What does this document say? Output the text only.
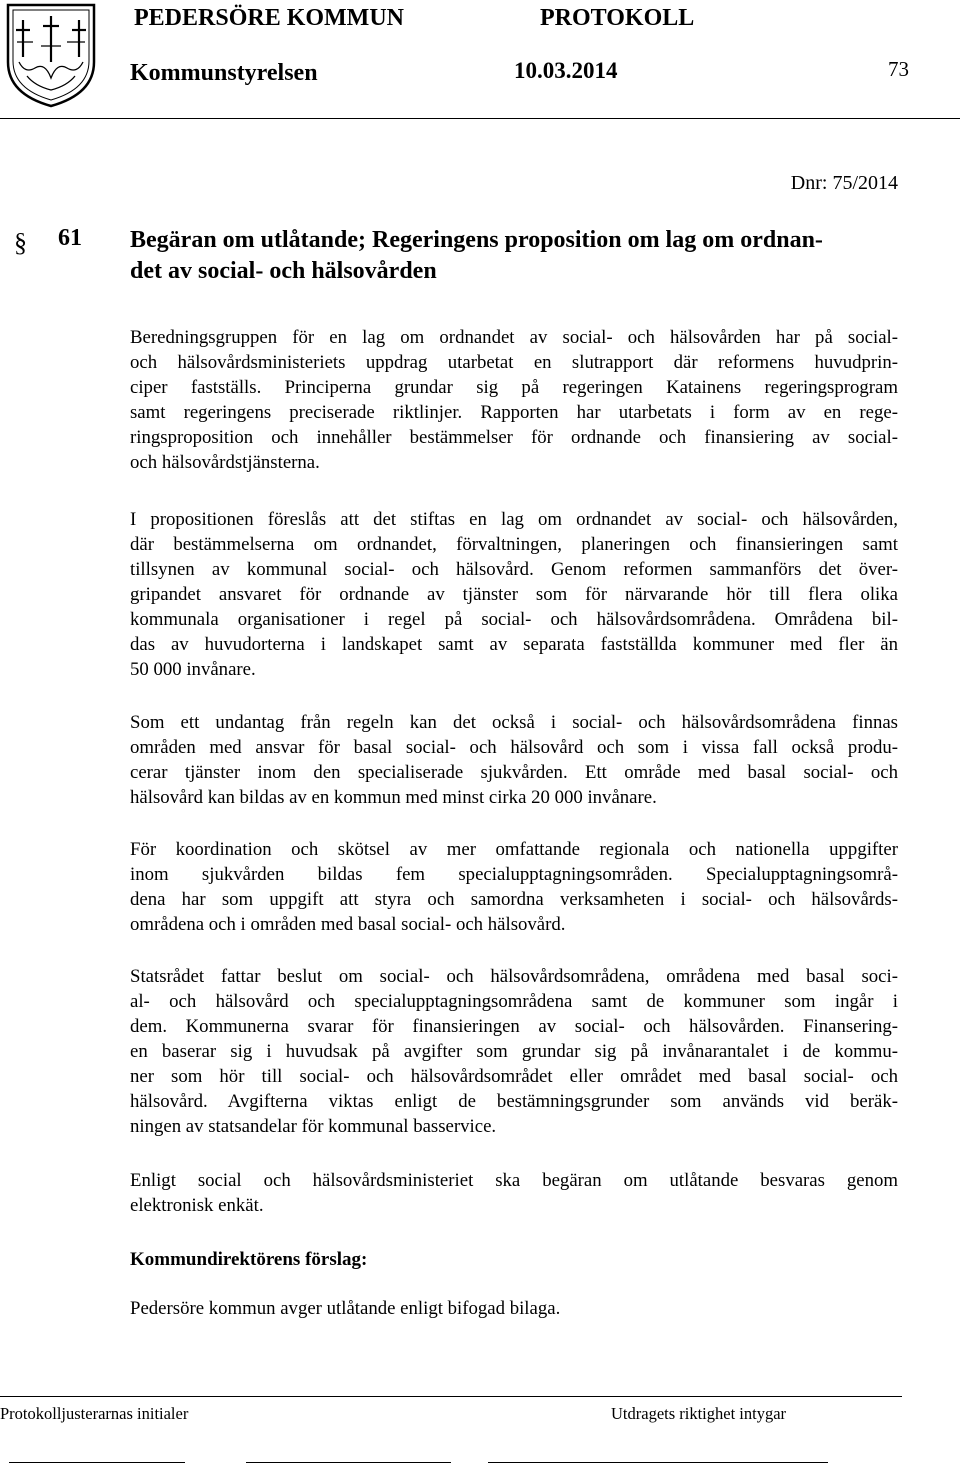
PEDERSÖRE KOMMUN	PROTOKOLL
Kommunstyrelsen	10.03.2014	73
Dnr: 75/2014
§ 61 Begäran om utlåtande; Regeringens proposition om lag om ordnan-
det av social- och hälsovården
Beredningsgruppen för en lag om ordnandet av social- och hälsovården har på social-
och hälsovårdsministeriets uppdrag utarbetat en slutrapport där reformens huvudprin-
ciper fastställs. Principerna grundar sig på regeringen Katainens regeringsprogram
samt regeringens preciserade riktlinjer. Rapporten har utarbetats i form av en rege-
ringsproposition och innehåller bestämmelser för ordnande och finansiering av social-
och hälsovårdstjänsterna.
I propositionen föreslås att det stiftas en lag om ordnandet av social- och hälsovården,
där bestämmelserna om ordnandet, förvaltningen, planeringen och finansieringen samt
tillsynen av kommunal social- och hälsovård. Genom reformen sammanförs det över-
gripandet ansvaret för ordnande av tjänster som för närvarande hör till flera olika
kommunala organisationer i regel på social- och hälsovårdsområdena. Områdena bil-
das av huvudorterna i landskapet samt av separata fastställda kommuner med fler än
50 000 invånare.
Som ett undantag från regeln kan det också i social- och hälsovårdsområdena finnas
områden med ansvar för basal social- och hälsovård och som i vissa fall också produ-
cerar tjänster inom den specialiserade sjukvården. Ett område med basal social- och
hälsovård kan bildas av en kommun med minst cirka 20 000 invånare.
För koordination och skötsel av mer omfattande regionala och nationella uppgifter
inom sjukvården bildas fem specialupptagningsområden. Specialupptagningsområ-
dena har som uppgift att styra och samordna verksamheten i social- och hälsovårds-
områdena och i områden med basal social- och hälsovård.
Statsrådet fattar beslut om social- och hälsovårdsområdena, områdena med basal soci-
al- och hälsovård och specialupptagningsområdena samt de kommuner som ingår i
dem. Kommunerna svarar för finansieringen av social- och hälsovården. Finansering-
en baserar sig i huvudsak på avgifter som grundar sig på invånarantalet i de kommu-
ner som hör till social- och hälsovårdsområdet eller området med basal social- och
hälsovård. Avgifterna viktas enligt de bestämningsgrunder som används vid beräk-
ningen av statsandelar för kommunal basservice.
Enligt social och hälsovårdsministeriet ska begäran om utlåtande besvaras genom
elektronisk enkät.
Kommundirektörens förslag:
Pedersöre kommun avger utlåtande enligt bifogad bilaga.
Protokolljusterarnas initialer	Utdragets riktighet intygar
